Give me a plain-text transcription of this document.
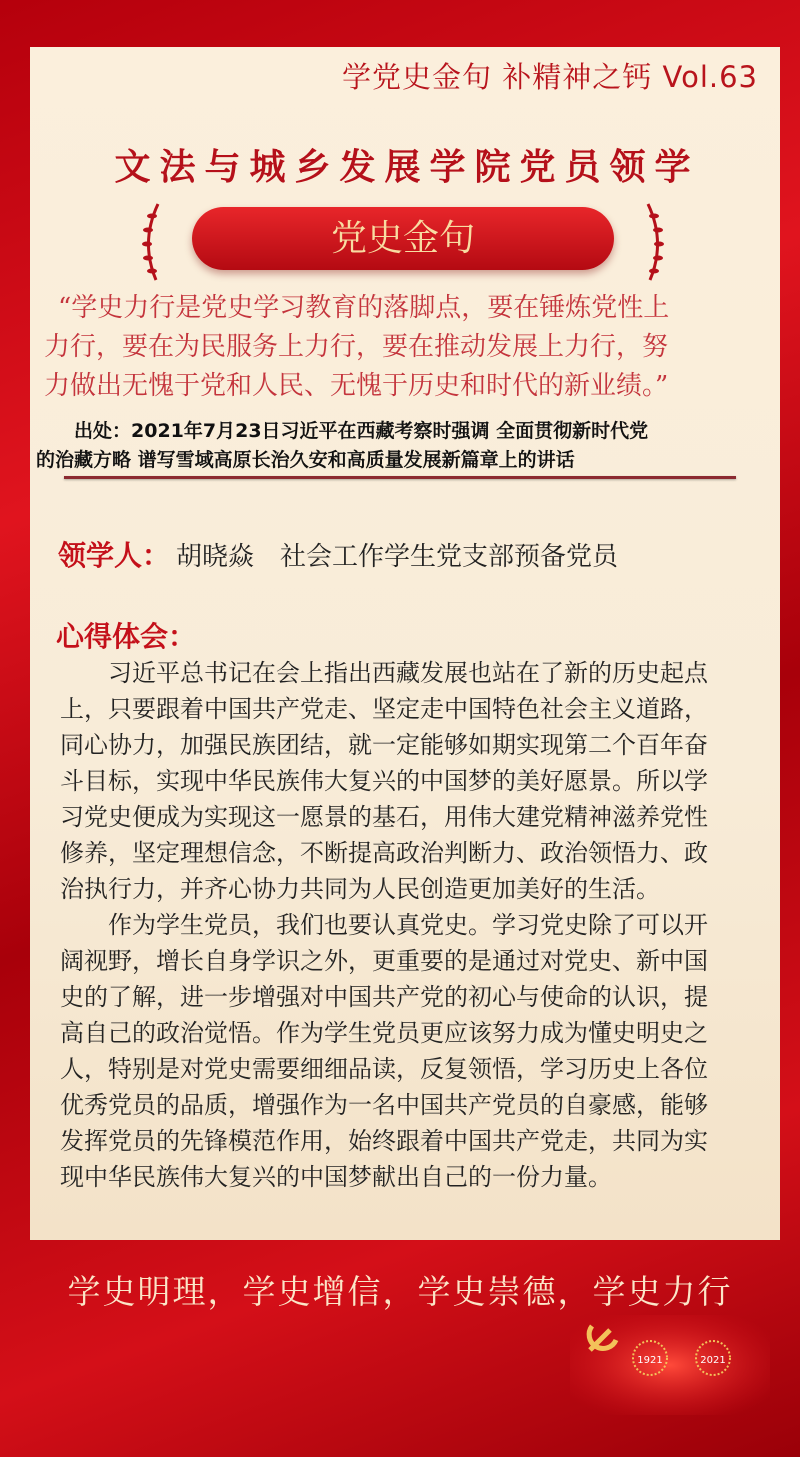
学党史金句 补精神之钙 Vol.63
文法与城乡发展学院党员领学
党史金句
“学史力行是党史学习教育的落脚点，要在锤炼党性上
力行，要在为民服务上力行，要在推动发展上力行，努
力做出无愧于党和人民、无愧于历史和时代的新业绩。”
出处：2021年7月23日习近平在西藏考察时强调 全面贯彻新时代党
的治藏方略 谱写雪域高原长治久安和高质量发展新篇章上的讲话
领学人： 胡晓焱 社会工作学生党支部预备党员
心得体会：
　　习近平总书记在会上指出西藏发展也站在了新的历史起点
上，只要跟着中国共产党走、坚定走中国特色社会主义道路，
同心协力，加强民族团结，就一定能够如期实现第二个百年奋
斗目标，实现中华民族伟大复兴的中国梦的美好愿景。所以学
习党史便成为实现这一愿景的基石，用伟大建党精神滋养党性
修养，坚定理想信念，不断提高政治判断力、政治领悟力、政
治执行力，并齐心协力共同为人民创造更加美好的生活。
　　作为学生党员，我们也要认真党史。学习党史除了可以开
阔视野，增长自身学识之外，更重要的是通过对党史、新中国
史的了解，进一步增强对中国共产党的初心与使命的认识，提
高自己的政治觉悟。作为学生党员更应该努力成为懂史明史之
人，特别是对党史需要细细品读，反复领悟，学习历史上各位
优秀党员的品质，增强作为一名中国共产党员的自豪感，能够
发挥党员的先锋模范作用，始终跟着中国共产党走，共同为实
现中华民族伟大复兴的中国梦献出自己的一份力量。
学史明理，学史增信，学史崇德，学史力行
1921	2021
